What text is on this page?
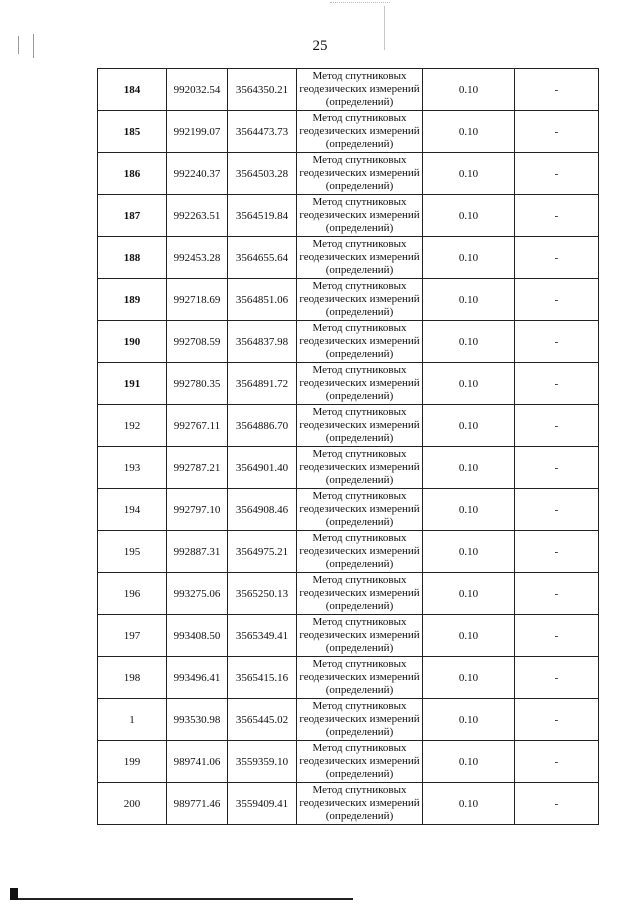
25
184	992032.54	3564350.21	Метод спутниковых
геодезических измерений
(определений)	0.10	-
185	992199.07	3564473.73	Метод спутниковых
геодезических измерений
(определений)	0.10	-
186	992240.37	3564503.28	Метод спутниковых
геодезических измерений
(определений)	0.10	-
187	992263.51	3564519.84	Метод спутниковых
геодезических измерений
(определений)	0.10	-
188	992453.28	3564655.64	Метод спутниковых
геодезических измерений
(определений)	0.10	-
189	992718.69	3564851.06	Метод спутниковых
геодезических измерений
(определений)	0.10	-
190	992708.59	3564837.98	Метод спутниковых
геодезических измерений
(определений)	0.10	-
191	992780.35	3564891.72	Метод спутниковых
геодезических измерений
(определений)	0.10	-
192	992767.11	3564886.70	Метод спутниковых
геодезических измерений
(определений)	0.10	-
193	992787.21	3564901.40	Метод спутниковых
геодезических измерений
(определений)	0.10	-
194	992797.10	3564908.46	Метод спутниковых
геодезических измерений
(определений)	0.10	-
195	992887.31	3564975.21	Метод спутниковых
геодезических измерений
(определений)	0.10	-
196	993275.06	3565250.13	Метод спутниковых
геодезических измерений
(определений)	0.10	-
197	993408.50	3565349.41	Метод спутниковых
геодезических измерений
(определений)	0.10	-
198	993496.41	3565415.16	Метод спутниковых
геодезических измерений
(определений)	0.10	-
1	993530.98	3565445.02	Метод спутниковых
геодезических измерений
(определений)	0.10	-
199	989741.06	3559359.10	Метод спутниковых
геодезических измерений
(определений)	0.10	-
200	989771.46	3559409.41	Метод спутниковых
геодезических измерений
(определений)	0.10	-
